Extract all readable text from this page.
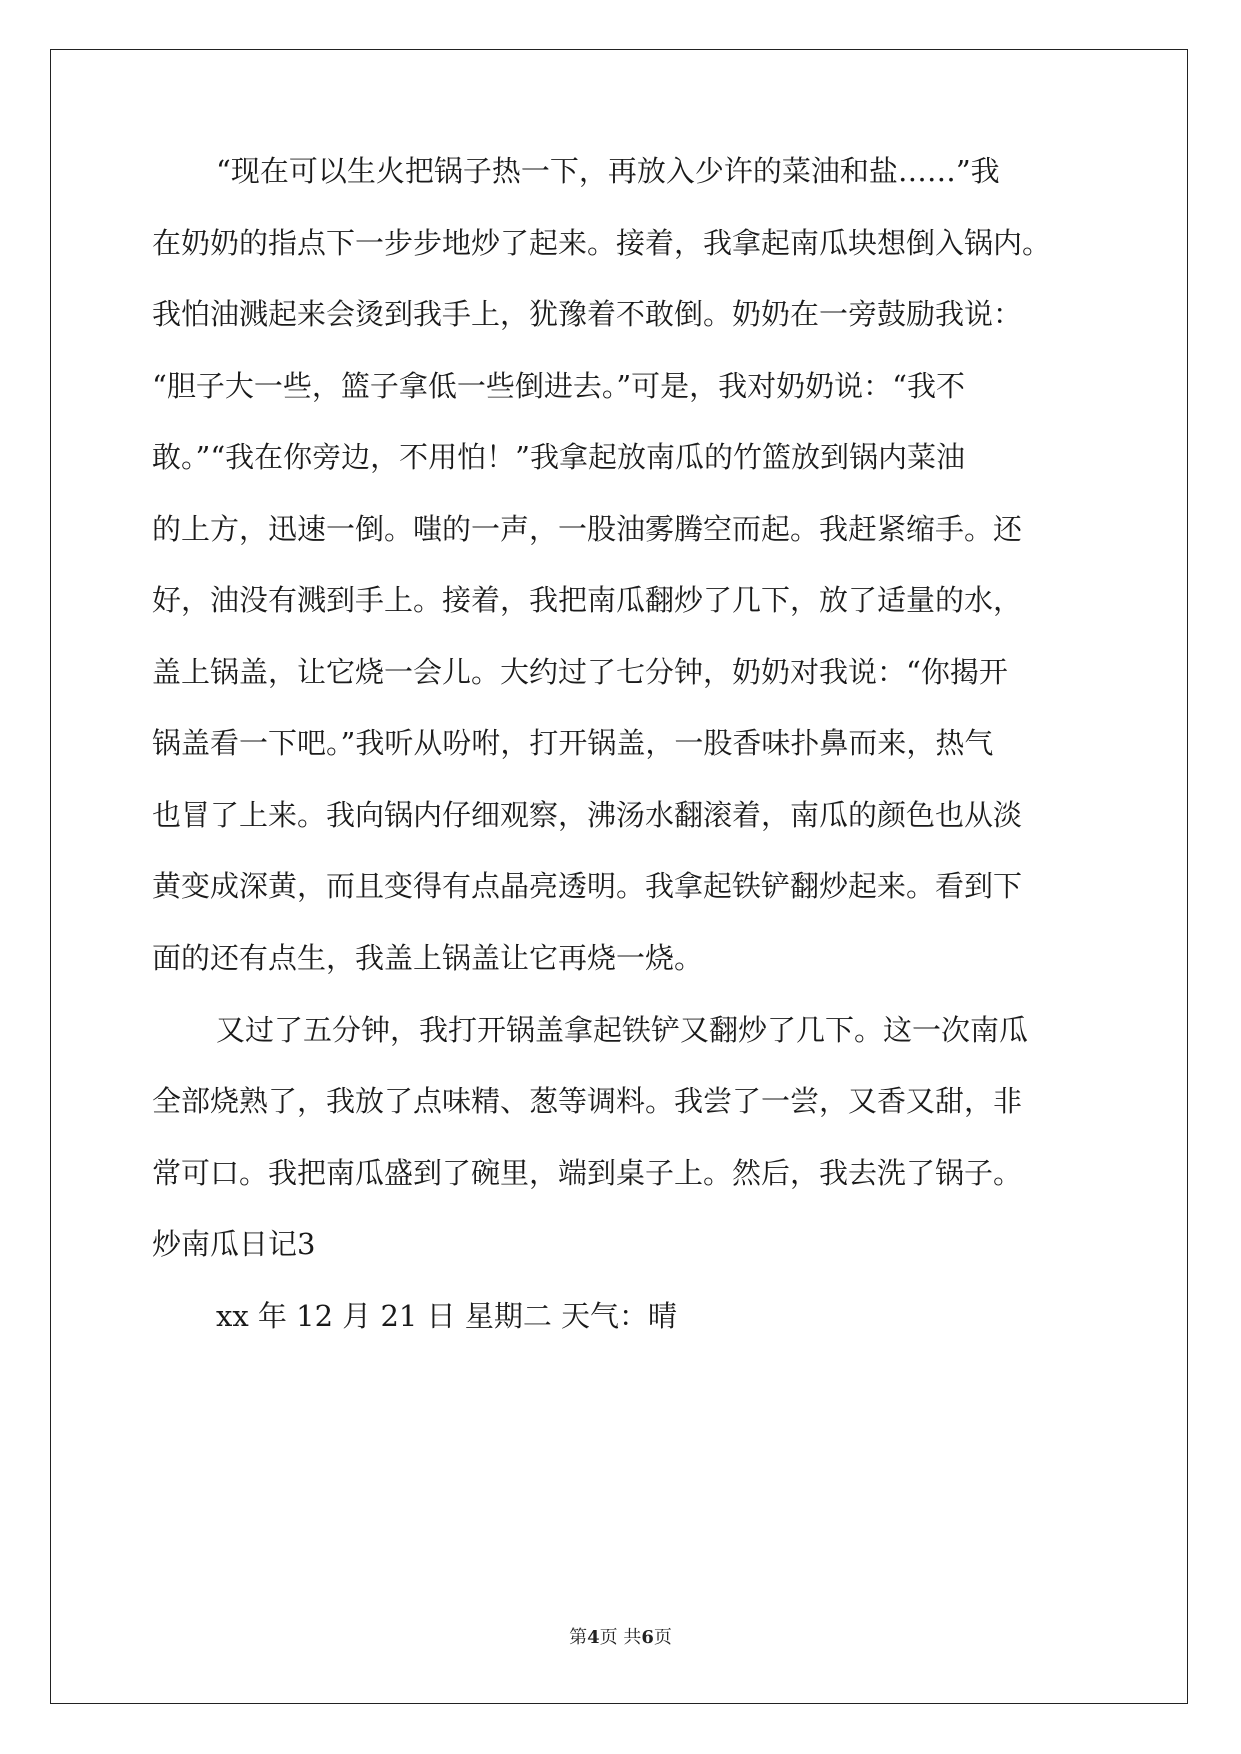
“现在可以生火把锅子热一下，再放入少许的菜油和盐……”我
在奶奶的指点下一步步地炒了起来。接着，我拿起南瓜块想倒入锅内。
我怕油溅起来会烫到我手上，犹豫着不敢倒。奶奶在一旁鼓励我说：
“胆子大一些，篮子拿低一些倒进去。”可是，我对奶奶说：“我不
敢。”“我在你旁边，不用怕！”我拿起放南瓜的竹篮放到锅内菜油
的上方，迅速一倒。嗤的一声，一股油雾腾空而起。我赶紧缩手。还
好，油没有溅到手上。接着，我把南瓜翻炒了几下，放了适量的水，
盖上锅盖，让它烧一会儿。大约过了七分钟，奶奶对我说：“你揭开
锅盖看一下吧。”我听从吩咐，打开锅盖，一股香味扑鼻而来，热气
也冒了上来。我向锅内仔细观察，沸汤水翻滚着，南瓜的颜色也从淡
黄变成深黄，而且变得有点晶亮透明。我拿起铁铲翻炒起来。看到下
面的还有点生，我盖上锅盖让它再烧一烧。
又过了五分钟，我打开锅盖拿起铁铲又翻炒了几下。这一次南瓜
全部烧熟了，我放了点味精、葱等调料。我尝了一尝，又香又甜，非
常可口。我把南瓜盛到了碗里，端到桌子上。然后，我去洗了锅子。
炒南瓜日记3
xx 年 12 月 21 日 星期二 天气：晴
第4页 共6页
